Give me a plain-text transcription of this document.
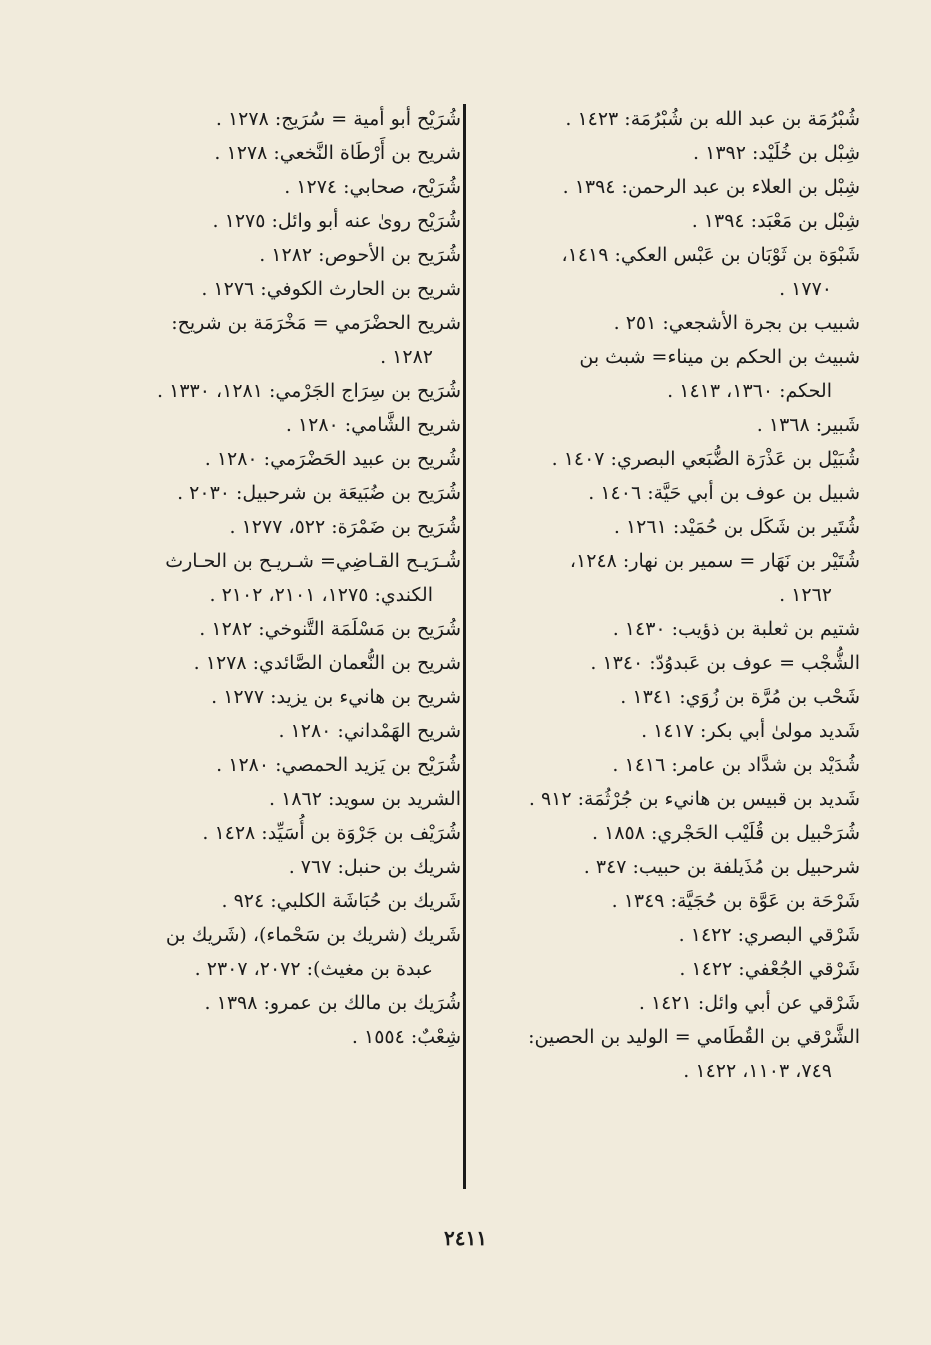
شُبْرُمَة بن عبد الله بن شُبْرُمَة: ١٤٢٣ .
شِبْل بن خُلَيْد: ١٣٩٢ .
شِبْل بن العلاء بن عبد الرحمن: ١٣٩٤ .
شِبْل بن مَعْبَد: ١٣٩٤ .
شَبْوَة بن ثَوْبَان بن عَبْس العكي: ١٤١٩،
١٧٧٠ .
شبيب بن بجرة الأشجعي: ٢٥١ .
شبيث بن الحكم بن ميناء= شبث بن
الحكم: ١٣٦٠، ١٤١٣ .
شَبير: ١٣٦٨ .
شُبَيْل بن عَذْرَة الضُّبَعي البصري: ١٤٠٧ .
شبيل بن عوف بن أبي حَيَّة: ١٤٠٦ .
شُتَير بن شَكَل بن حُمَيْد: ١٢٦١ .
شُتَيْر بن نَهَار = سمير بن نهار: ١٢٤٨،
١٢٦٢ .
شتيم بن ثعلبة بن ذؤيب: ١٤٣٠ .
الشُّجْب = عوف بن عَبدوُدّ: ١٣٤٠ .
شَحْب بن مُرَّة بن زُوَي: ١٣٤١ .
شَديد مولىٰ أبي بكر: ١٤١٧ .
شُدَيْد بن شدَّاد بن عامر: ١٤١٦ .
شَديد بن قبيس بن هانيء بن جُرْثُمَة: ٩١٢ .
شُرَحْبيل بن قُلَيْب الحَجْري: ١٨٥٨ .
شرحبيل بن مُذَيلفة بن حبيب: ٣٤٧ .
شَرْحَة بن عَوَّة بن حُجَيَّة: ١٣٤٩ .
شَرْقي البصري: ١٤٢٢ .
شَرْقي الجُعْفي: ١٤٢٢ .
شَرْقي عن أبي وائل: ١٤٢١ .
الشَّرْقي بن القُطَامي = الوليد بن الحصين:
٧٤٩، ١١٠٣، ١٤٢٢ .
شُرَيْح أبو أمية = سُرَيج: ١٢٧٨ .
شريح بن أَرْطَاة النَّخعي: ١٢٧٨ .
شُرَيْح، صحابي: ١٢٧٤ .
شُرَيْح روىٰ عنه أبو وائل: ١٢٧٥ .
شُرَيح بن الأحوص: ١٢٨٢ .
شريح بن الحارث الكوفي: ١٢٧٦ .
شريح الحضْرَمي = مَخْرَمَة بن شريح:
١٢٨٢ .
شُرَيح بن سِرَاج الجَرْمي: ١٢٨١، ١٣٣٠ .
شريح الشَّامي: ١٢٨٠ .
شُريح بن عبيد الحَضْرَمي: ١٢٨٠ .
شُرَيح بن ضُبَيعَة بن شرحبيل: ٢٠٣٠ .
شُرَيح بن ضَمْرَة: ٥٢٢، ١٢٧٧ .
شُـرَيـح القـاضِي= شـريـح بن الحـارث
الكندي: ١٢٧٥، ٢١٠١، ٢١٠٢ .
شُرَيح بن مَسْلَمَة التَّنوخي: ١٢٨٢ .
شريح بن النُّعمان الصَّائدي: ١٢٧٨ .
شريح بن هانيء بن يزيد: ١٢٧٧ .
شريح الهَمْداني: ١٢٨٠ .
شُرَيْح بن يَزيد الحمصي: ١٢٨٠ .
الشريد بن سويد: ١٨٦٢ .
شُرَيْف بن جَرْوَة بن أُسَيِّد: ١٤٢٨ .
شريك بن حنبل: ٧٦٧ .
شَريك بن حُبَاشَة الكلبي: ٩٢٤ .
شَريك (شريك بن سَحْماء)، (شَريك بن
عبدة بن مغيث): ٢٠٧٢، ٢٣٠٧ .
شُرَيك بن مالك بن عمرو: ١٣٩٨ .
شِعْبٌ: ١٥٥٤ .
٢٤١١
